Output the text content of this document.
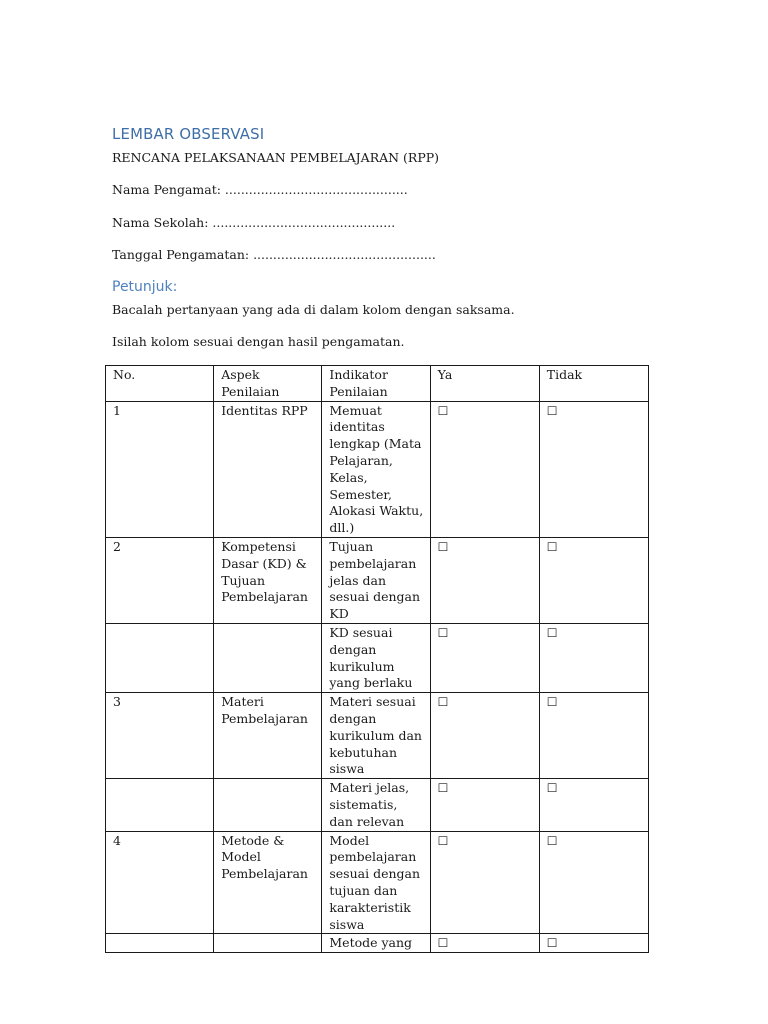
LEMBAR OBSERVASI

RENCANA PELAKSANAAN PEMBELAJARAN (RPP)

Nama Pengamat: ..............................................

Nama Sekolah: ..............................................

Tanggal Pengamatan: ..............................................

Petunjuk:

Bacalah pertanyaan yang ada di dalam kolom dengan saksama.

Isilah kolom sesuai dengan hasil pengamatan.

No.	Aspek Penilaian	Indikator Penilaian	Ya	Tidak
1	Identitas RPP	Memuat identitas lengkap (Mata Pelajaran, Kelas, Semester, Alokasi Waktu, dll.)	☐	☐
2	Kompetensi Dasar (KD) & Tujuan Pembelajaran	Tujuan pembelajaran jelas dan sesuai dengan KD	☐	☐
		KD sesuai dengan kurikulum yang berlaku	☐	☐
3	Materi Pembelajaran	Materi sesuai dengan kurikulum dan kebutuhan siswa	☐	☐
		Materi jelas, sistematis, dan relevan	☐	☐
4	Metode & Model Pembelajaran	Model pembelajaran sesuai dengan tujuan dan karakteristik siswa	☐	☐
		Metode yang	☐	☐
